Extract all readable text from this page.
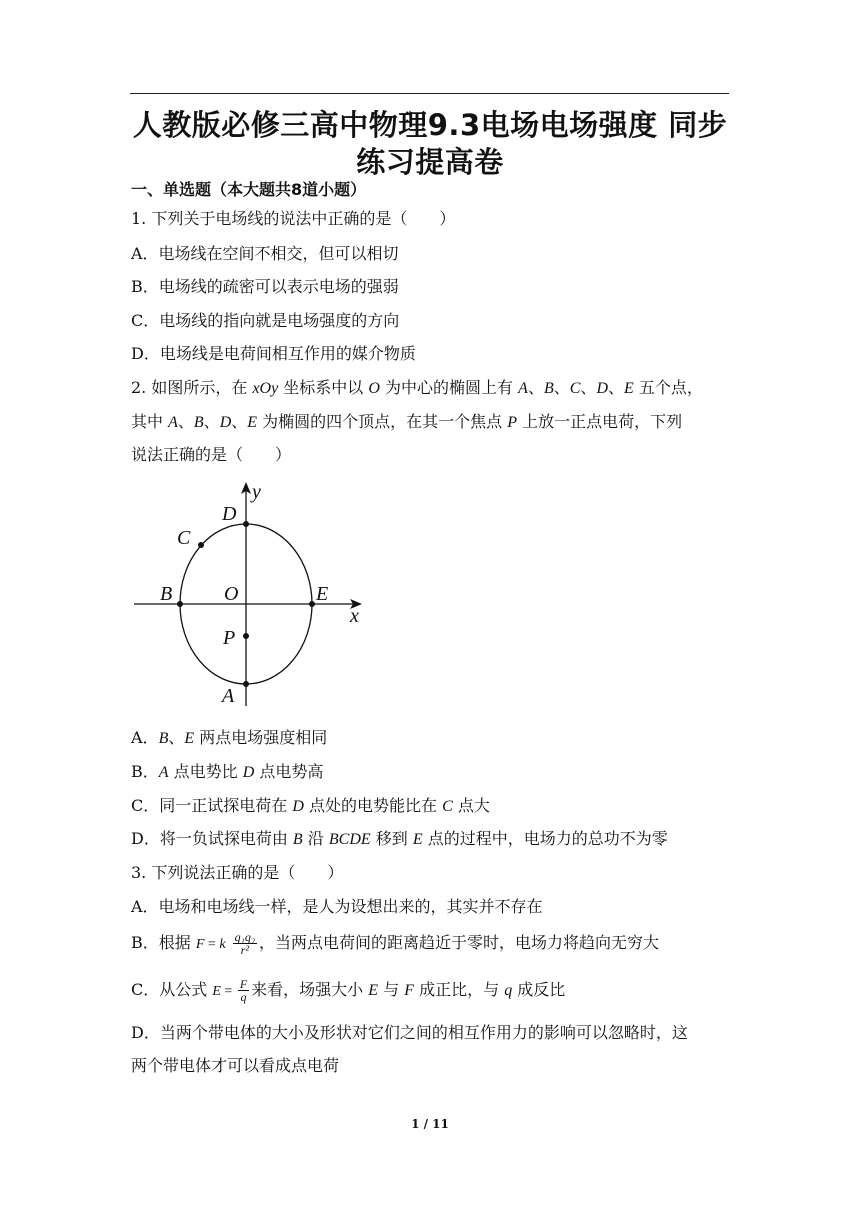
人教版必修三高中物理9.3电场电场强度 同步
练习提高卷
一、单选题（本大题共8道小题）
1. 下列关于电场线的说法中正确的是（　　）
A．电场线在空间不相交，但可以相切
B．电场线的疏密可以表示电场的强弱
C．电场线的指向就是电场强度的方向
D．电场线是电荷间相互作用的媒介物质
2. 如图所示，在 xOy 坐标系中以 O 为中心的椭圆上有 A、B、C、D、E 五个点，
其中 A、B、D、E 为椭圆的四个顶点，在其一个焦点 P 上放一正点电荷，下列
说法正确的是（　　）
y
D
C
B	O	E
x
P
A
A．B、E 两点电场强度相同
B．A 点电势比 D 点电势高
C．同一正试探电荷在 D 点处的电势能比在 C 点大
D．将一负试探电荷由 B 沿 BCDE 移到 E 点的过程中，电场力的总功不为零
3. 下列说法正确的是（　　）
A．电场和电场线一样，是人为设想出来的，其实并不存在
B．根据 F = k $\frac{\text{q₁q₂}}{\text{r²}}$ ，当两点电荷间的距离趋近于零时，电场力将趋向无穷大
C．从公式 $E = \frac{F}{q}$ 来看，场强大小 E 与 F 成正比，与 q 成反比
D．当两个带电体的大小及形状对它们之间的相互作用力的影响可以忽略时，这
两个带电体才可以看成点电荷
1 / 11
